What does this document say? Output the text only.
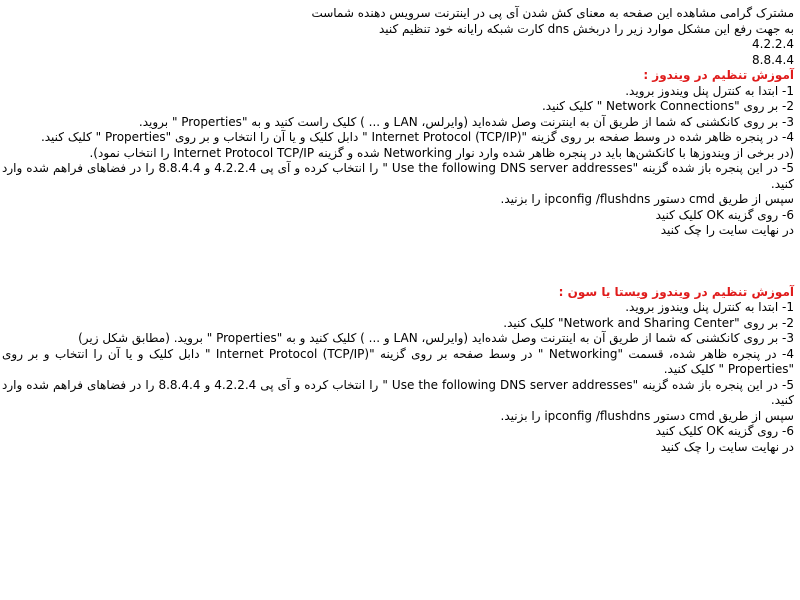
مشترک گرامی مشاهده این صفحه به معنای کش شدن آی پی در اینترنت سرویس دهنده شماست

به جهت رفع این مشکل موارد زیر را دربخش dns کارت شبکه رایانه خود تنظیم کنید

4.2.2.4

8.8.4.4

آموزش تنظیم در ویندوز :

1- ابتدا به کنترل پنل ویندوز بروید.

2- بر روی "Network Connections " کلیک کنید.

3- بر روی کانکشنی که شما از طریق آن به اینترنت وصل شده‌اید (وایرلس، LAN و ... ) کلیک راست کنید و به "Properties " بروید.

4- در پنجره ظاهر شده در وسط صفحه بر روی گزینه "Internet Protocol (TCP/IP) " دابل کلیک و یا آن را انتخاب و بر روی "Properties " کلیک کنید.

(در برخی از ویندوزها با کانکشن‌ها باید در پنجره ظاهر شده وارد نوار Networking شده و گزینه Internet Protocol TCP/IP را انتخاب نمود).

5- در این پنجره باز شده گزینه "Use the following DNS server addresses " را انتخاب کرده و آی پی 4.2.2.4 و 8.8.4.4 را در فضاهای فراهم شده وارد کنید.

سپس از طریق cmd دستور ipconfig /flushdns را بزنید.

6- روی گزینه OK کلیک کنید

در نهایت سایت را چک کنید

آموزش تنظیم در ویندوز ویستا یا سون :

1- ابتدا به کنترل پنل ویندوز بروید.

2- بر روی "Network and Sharing Center" کلیک کنید.

3- بر روی کانکشنی که شما از طریق آن به اینترنت وصل شده‌اید (وایرلس، LAN و ... ) کلیک کنید و به "Properties " بروید. (مطابق شکل زیر)

4- در پنجره ظاهر شده، قسمت "Networking " در وسط صفحه بر روی گزینه "Internet Protocol (TCP/IP) " دابل کلیک و یا آن را انتخاب و بر روی "Properties " کلیک کنید.

5- در این پنجره باز شده گزینه "Use the following DNS server addresses " را انتخاب کرده و آی پی 4.2.2.4 و 8.8.4.4 را در فضاهای فراهم شده وارد کنید.

سپس از طریق cmd دستور ipconfig /flushdns را بزنید.

6- روی گزینه OK کلیک کنید

در نهایت سایت را چک کنید
